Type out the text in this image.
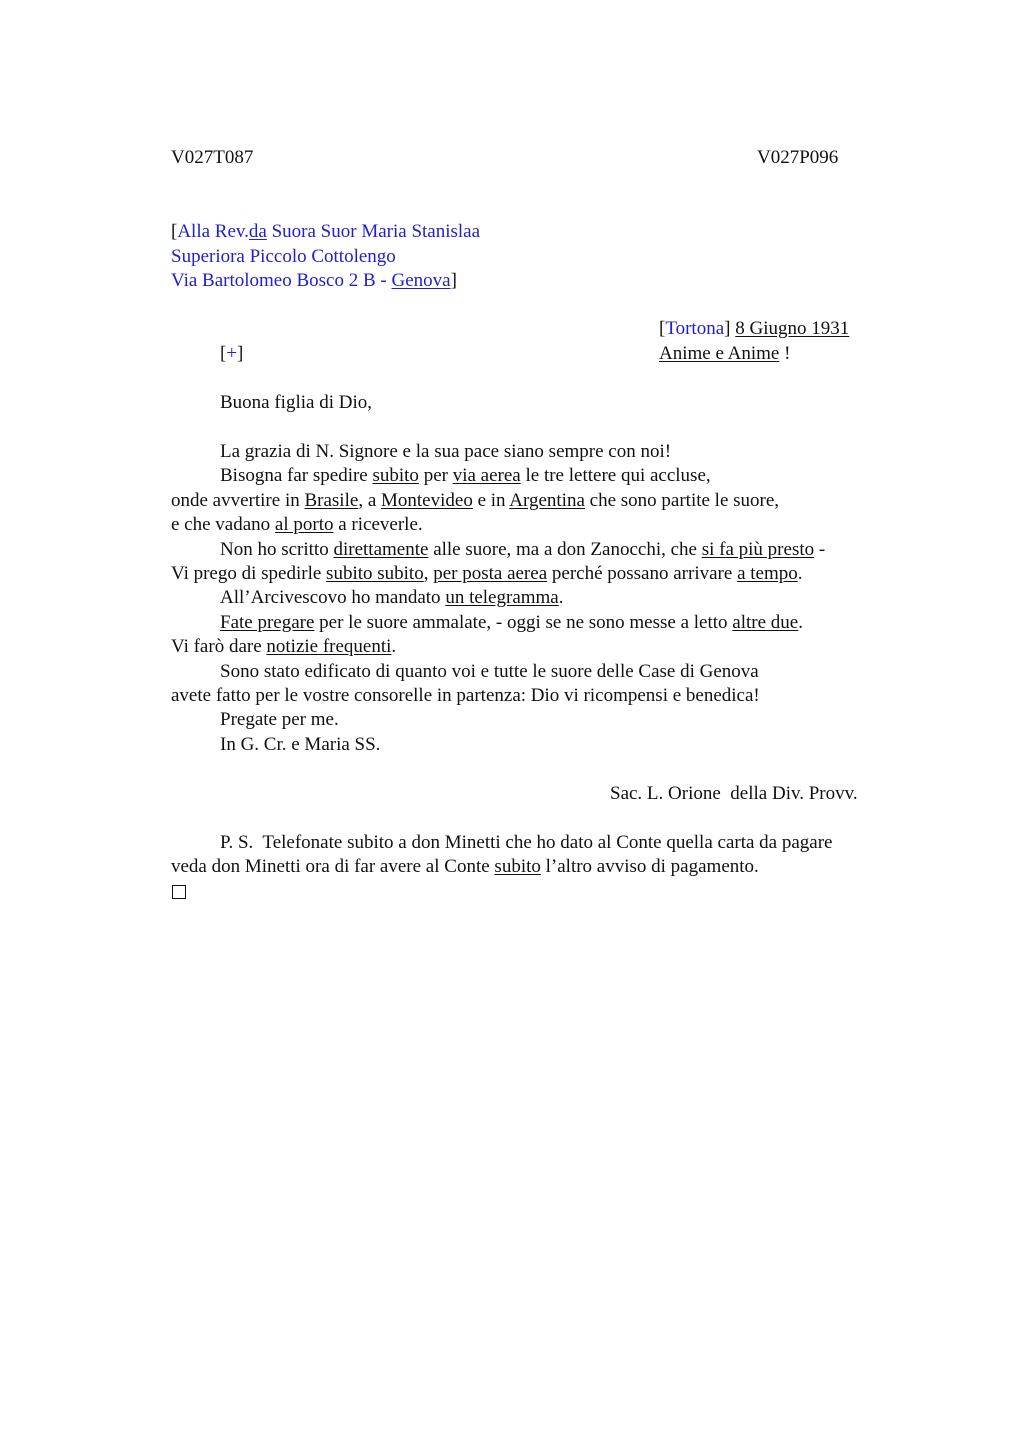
V027T087	V027P096
[Alla Rev.da Suora Suor Maria Stanislaa
Superiora Piccolo Cottolengo
Via Bartolomeo Bosco 2 B - Genova]
[Tortona] 8 Giugno 1931
[+]	Anime e Anime !
Buona figlia di Dio,
La grazia di N. Signore e la sua pace siano sempre con noi!
Bisogna far spedire subito per via aerea le tre lettere qui accluse,
onde avvertire in Brasile, a Montevideo e in Argentina che sono partite le suore,
e che vadano al porto a riceverle.
Non ho scritto direttamente alle suore, ma a don Zanocchi, che si fa più presto -
Vi prego di spedirle subito subito, per posta aerea perché possano arrivare a tempo.
All’Arcivescovo ho mandato un telegramma.
Fate pregare per le suore ammalate, - oggi se ne sono messe a letto altre due.
Vi farò dare notizie frequenti.
Sono stato edificato di quanto voi e tutte le suore delle Case di Genova
avete fatto per le vostre consorelle in partenza: Dio vi ricompensi e benedica!
Pregate per me.
In G. Cr. e Maria SS.
Sac. L. Orione  della Div. Provv.
P. S.  Telefonate subito a don Minetti che ho dato al Conte quella carta da pagare
veda don Minetti ora di far avere al Conte subito l’altro avviso di pagamento.
